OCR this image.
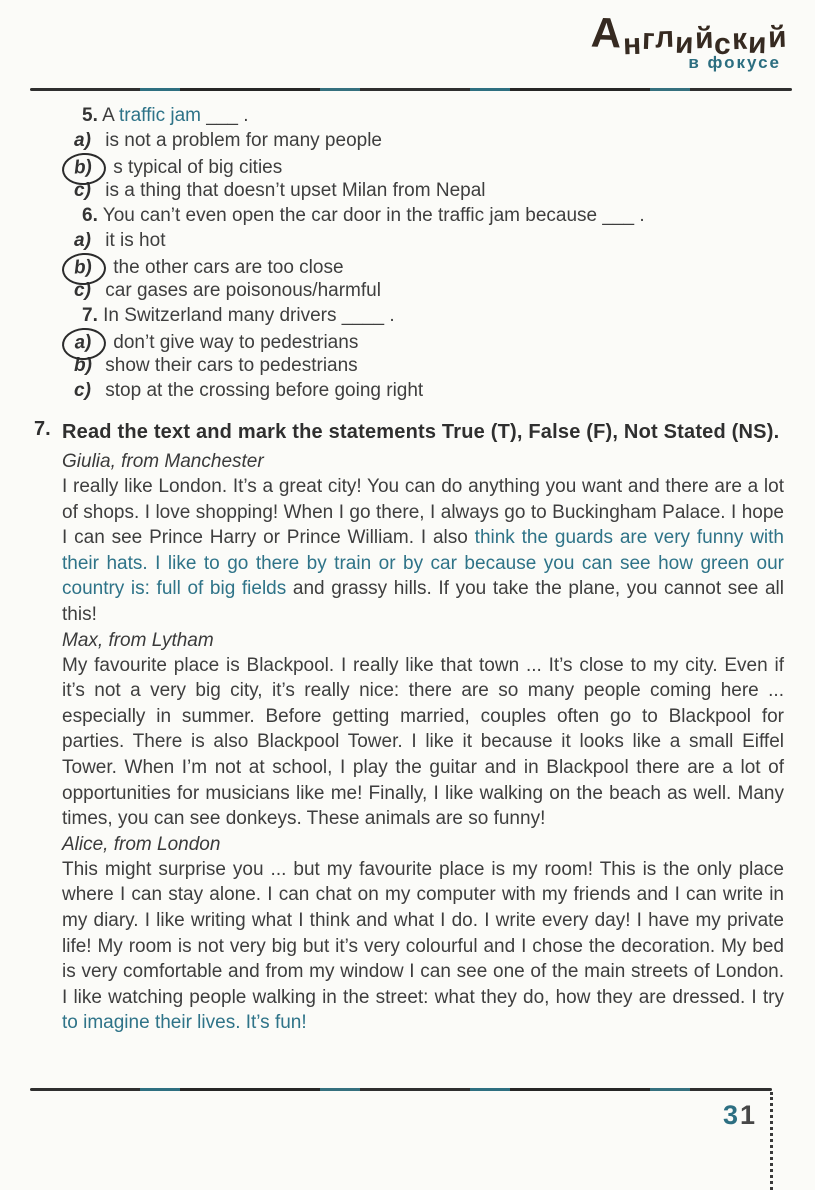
Английский
в фокусе
5. A traffic jam ___ .
a) is not a problem for many people
b) s typical of big cities
c) is a thing that doesn’t upset Milan from Nepal
6. You can’t even open the car door in the traffic jam because ___ .
a) it is hot
b) the other cars are too close
c) car gases are poisonous/harmful
7. In Switzerland many drivers ____ .
a) don’t give way to pedestrians
b) show their cars to pedestrians
c) stop at the crossing before going right
7. Read the text and mark the statements True (T), False (F), Not Stated (NS).

Giulia, from Manchester

I really like London. It’s a great city! You can do anything you want and there are a lot of shops. I love shopping! When I go there, I always go to Buckingham Palace. I hope I can see Prince Harry or Prince William. I also think the guards are very funny with their hats. I like to go there by train or by car because you can see how green our country is: full of big fields and grassy hills. If you take the plane, you cannot see all this!

Max, from Lytham

My favourite place is Blackpool. I really like that town ... It’s close to my city. Even if it’s not a very big city, it’s really nice: there are so many people coming here ... especially in summer. Before getting married, couples often go to Blackpool for parties. There is also Blackpool Tower. I like it because it looks like a small Eiffel Tower. When I’m not at school, I play the guitar and in Blackpool there are a lot of opportunities for musicians like me! Finally, I like walking on the beach as well. Many times, you can see donkeys. These animals are so funny!

Alice, from London

This might surprise you ... but my favourite place is my room! This is the only place where I can stay alone. I can chat on my computer with my friends and I can write in my diary. I like writing what I think and what I do. I write every day! I have my private life! My room is not very big but it’s very colourful and I chose the decoration. My bed is very comfortable and from my window I can see one of the main streets of London. I like watching people walking in the street: what they do, how they are dressed. I try to imagine their lives. It’s fun!

31
